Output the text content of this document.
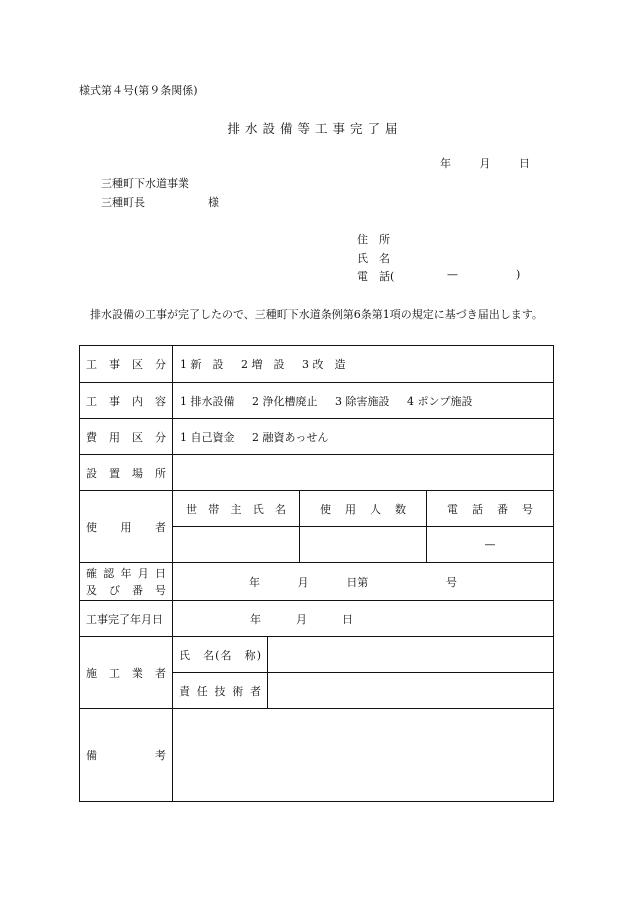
様式第４号(第９条関係)
排水設備等工事完了届
年	月	日
三種町下水道事業
三種町長	様
住　所
氏　名
電　話(	—	)
排水設備の工事が完了したので、三種町下水道条例第6条第1項の規定に基づき届出します。
工事区分	1 新　設 2 増　設 3 改　造			

工事内容	1 排水設備 2 浄化槽廃止 3 除害施設 4 ポンプ施設			

費用区分	1 自己資金 2 融資あっせん			

設置場所				

使用者	世帯主氏名		使用人数	電話番号
				—

確認年月日
及び番号	年 月 日第 号			

工事完了年月日	年 月 日			

施工業者	氏　名(名　称)			

	責任技術者			

備考				
